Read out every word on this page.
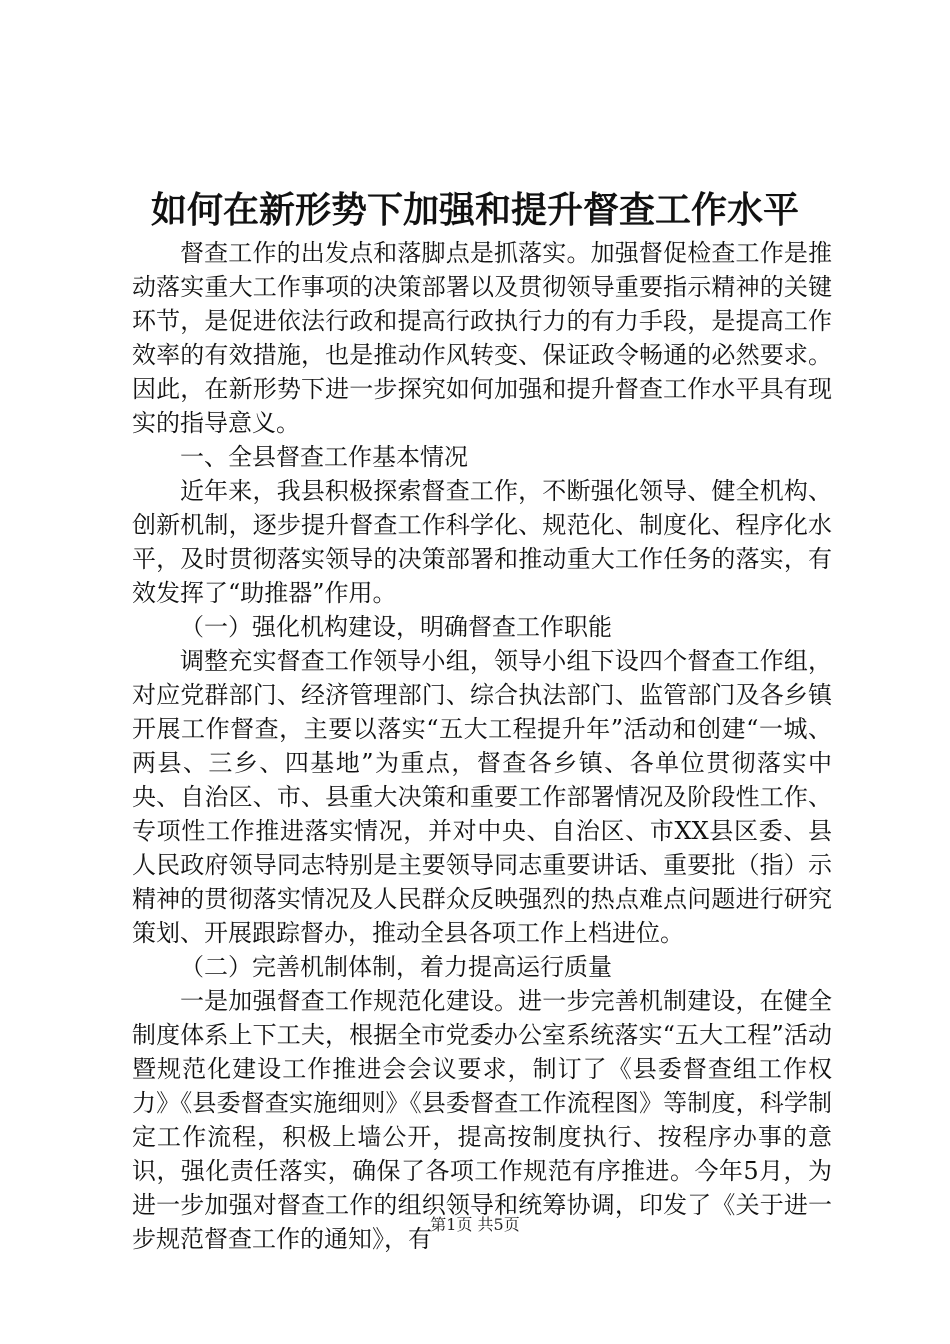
如何在新形势下加强和提升督查工作水平

督查工作的出发点和落脚点是抓落实。加强督促检查工作是推动落实重大工作事项的决策部署以及贯彻领导重要指示精神的关键环节，是促进依法行政和提高行政执行力的有力手段，是提高工作效率的有效措施，也是推动作风转变、保证政令畅通的必然要求。因此，在新形势下进一步探究如何加强和提升督查工作水平具有现实的指导意义。

一、全县督查工作基本情况

近年来，我县积极探索督查工作，不断强化领导、健全机构、创新机制，逐步提升督查工作科学化、规范化、制度化、程序化水平，及时贯彻落实领导的决策部署和推动重大工作任务的落实，有效发挥了“助推器”作用。

（一）强化机构建设，明确督查工作职能

调整充实督查工作领导小组，领导小组下设四个督查工作组，对应党群部门、经济管理部门、综合执法部门、监管部门及各乡镇开展工作督查，主要以落实“五大工程提升年”活动和创建“一城、两县、三乡、四基地”为重点，督查各乡镇、各单位贯彻落实中央、自治区、市、县重大决策和重要工作部署情况及阶段性工作、专项性工作推进落实情况，并对中央、自治区、市XX县区委、县人民政府领导同志特别是主要领导同志重要讲话、重要批（指）示精神的贯彻落实情况及人民群众反映强烈的热点难点问题进行研究策划、开展跟踪督办，推动全县各项工作上档进位。

（二）完善机制体制，着力提高运行质量

一是加强督查工作规范化建设。进一步完善机制建设，在健全制度体系上下工夫，根据全市党委办公室系统落实“五大工程”活动暨规范化建设工作推进会会议要求，制订了《县委督查组工作权力》《县委督查实施细则》《县委督查工作流程图》等制度，科学制定工作流程，积极上墙公开，提高按制度执行、按程序办事的意识，强化责任落实，确保了各项工作规范有序推进。今年5月，为进一步加强对督查工作的组织领导和统筹协调，印发了《关于进一步规范督查工作的通知》，有

第1页 共5页
